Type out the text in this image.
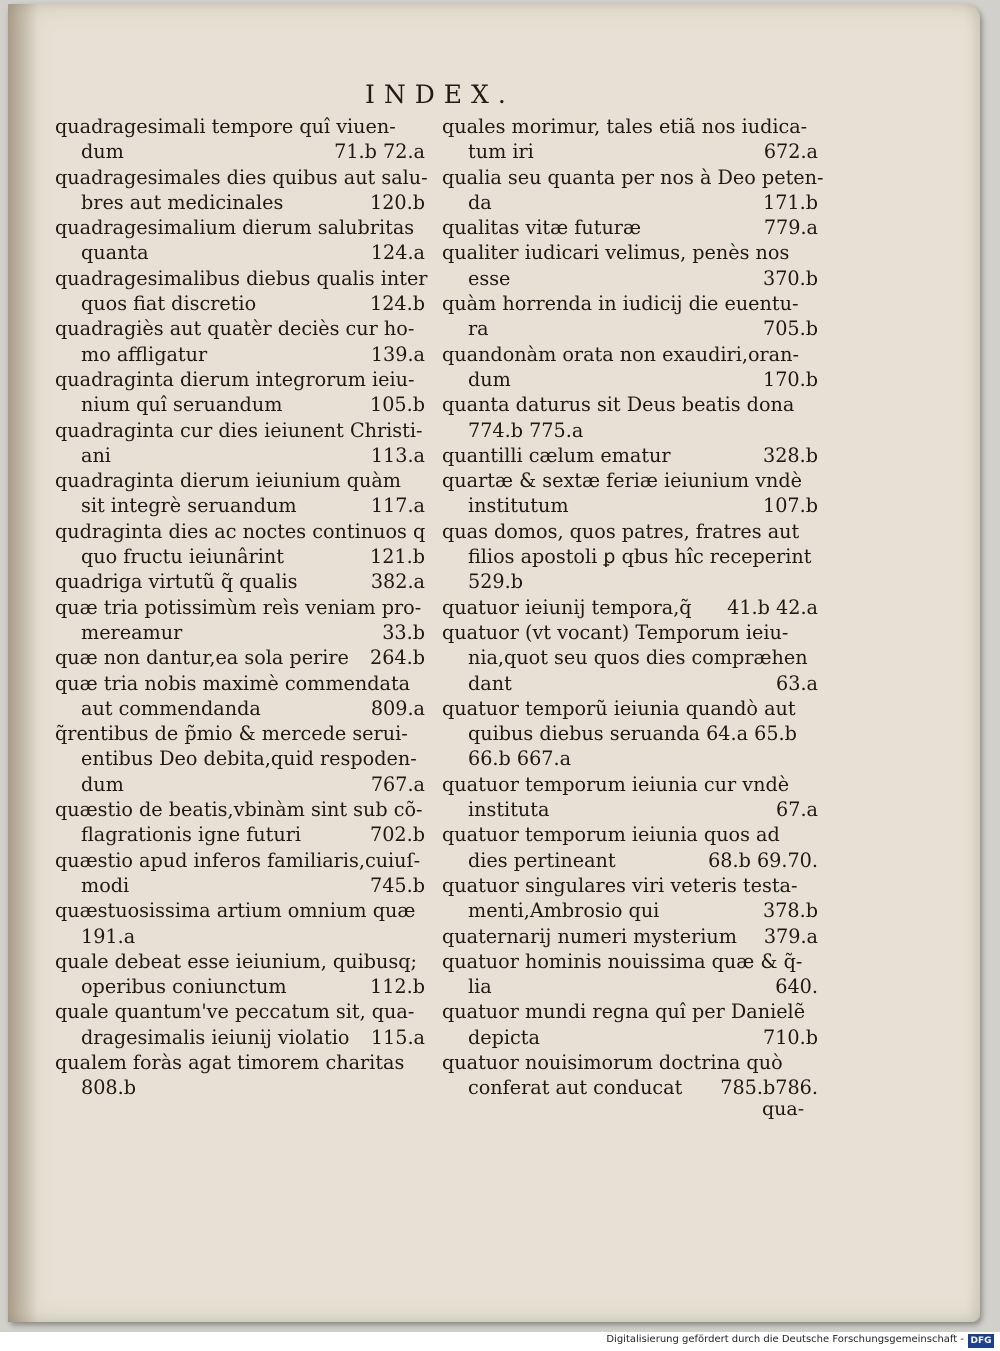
INDEX.
quadragesimali tempore quî viuen-
dum	71.b 72.a
quadragesimales dies quibus aut salu-
bres aut medicinales	120.b
quadragesimalium dierum salubritas
quanta	124.a
quadragesimalibus diebus qualis inter
quos fiat discretio	124.b
quadragiès aut quatèr deciès cur ho-
mo affligatur	139.a
quadraginta dierum integrorum ieiu-
nium quî seruandum	105.b
quadraginta cur dies ieiunent Christi-
ani	113.a
quadraginta dierum ieiunium quàm
sit integrè seruandum	117.a
qudraginta dies ac noctes continuos q
quo fructu ieiunârint	121.b
quadriga virtutũ q̃ qualis	382.a
quæ tria potissimùm reìs veniam pro-
mereamur	33.b
quæ non dantur,ea sola perire 264.b
quæ tria nobis maximè commendata
aut commendanda	809.a
q̃rentibus de p̃mio & mercede serui-
entibus Deo debita,quid respoden-
dum	767.a
quæstio de beatis,vbinàm sint sub cõ-
flagrationis igne futuri	702.b
quæstio apud inferos familiaris,cuiuſ-
modi	745.b
quæstuosissima artium omnium quæ
191.a
quale debeat esse ieiunium, quibusq;
operibus coniunctum	112.b
quale quantum've peccatum sit, qua-
dragesimalis ieiunij violatio 115.a
qualem foràs agat timorem charitas
808.b
quales morimur, tales etiã nos iudica-
tum iri	672.a
qualia seu quanta per nos à Deo peten-
da	171.b
qualitas vitæ futuræ	779.a
qualiter iudicari velimus, penès nos
esse	370.b
quàm horrenda in iudicij die euentu-
ra	705.b
quandonàm orata non exaudiri,oran-
dum	170.b
quanta daturus sit Deus beatis dona
774.b 775.a
quantilli cælum ematur	328.b
quartæ & sextæ feriæ ieiunium vndè
institutum	107.b
quas domos, quos patres, fratres aut
filios apostoli ꝑ qbus hîc receperint
529.b
quatuor ieiunij tempora,q̃ 41.b 42.a
quatuor (vt vocant) Temporum ieiu-
nia,quot seu quos dies compræhen
dant	63.a
quatuor temporũ ieiunia quandò aut
quibus diebus seruanda 64.a 65.b
66.b 667.a
quatuor temporum ieiunia cur vndè
instituta	67.a
quatuor temporum ieiunia quos ad
dies pertineant	68.b 69.70.
quatuor singulares viri veteris testa-
menti,Ambrosio qui	378.b
quaternarij numeri mysterium 379.a
quatuor hominis nouissima quæ & q̃-
lia	640.
quatuor mundi regna quî per Danielẽ
depicta	710.b
quatuor nouisimorum doctrina quò
conferat aut conducat 785.b786.
qua-
Digitalisierung gefördert durch die Deutsche Forschungsgemeinschaft - DFG
